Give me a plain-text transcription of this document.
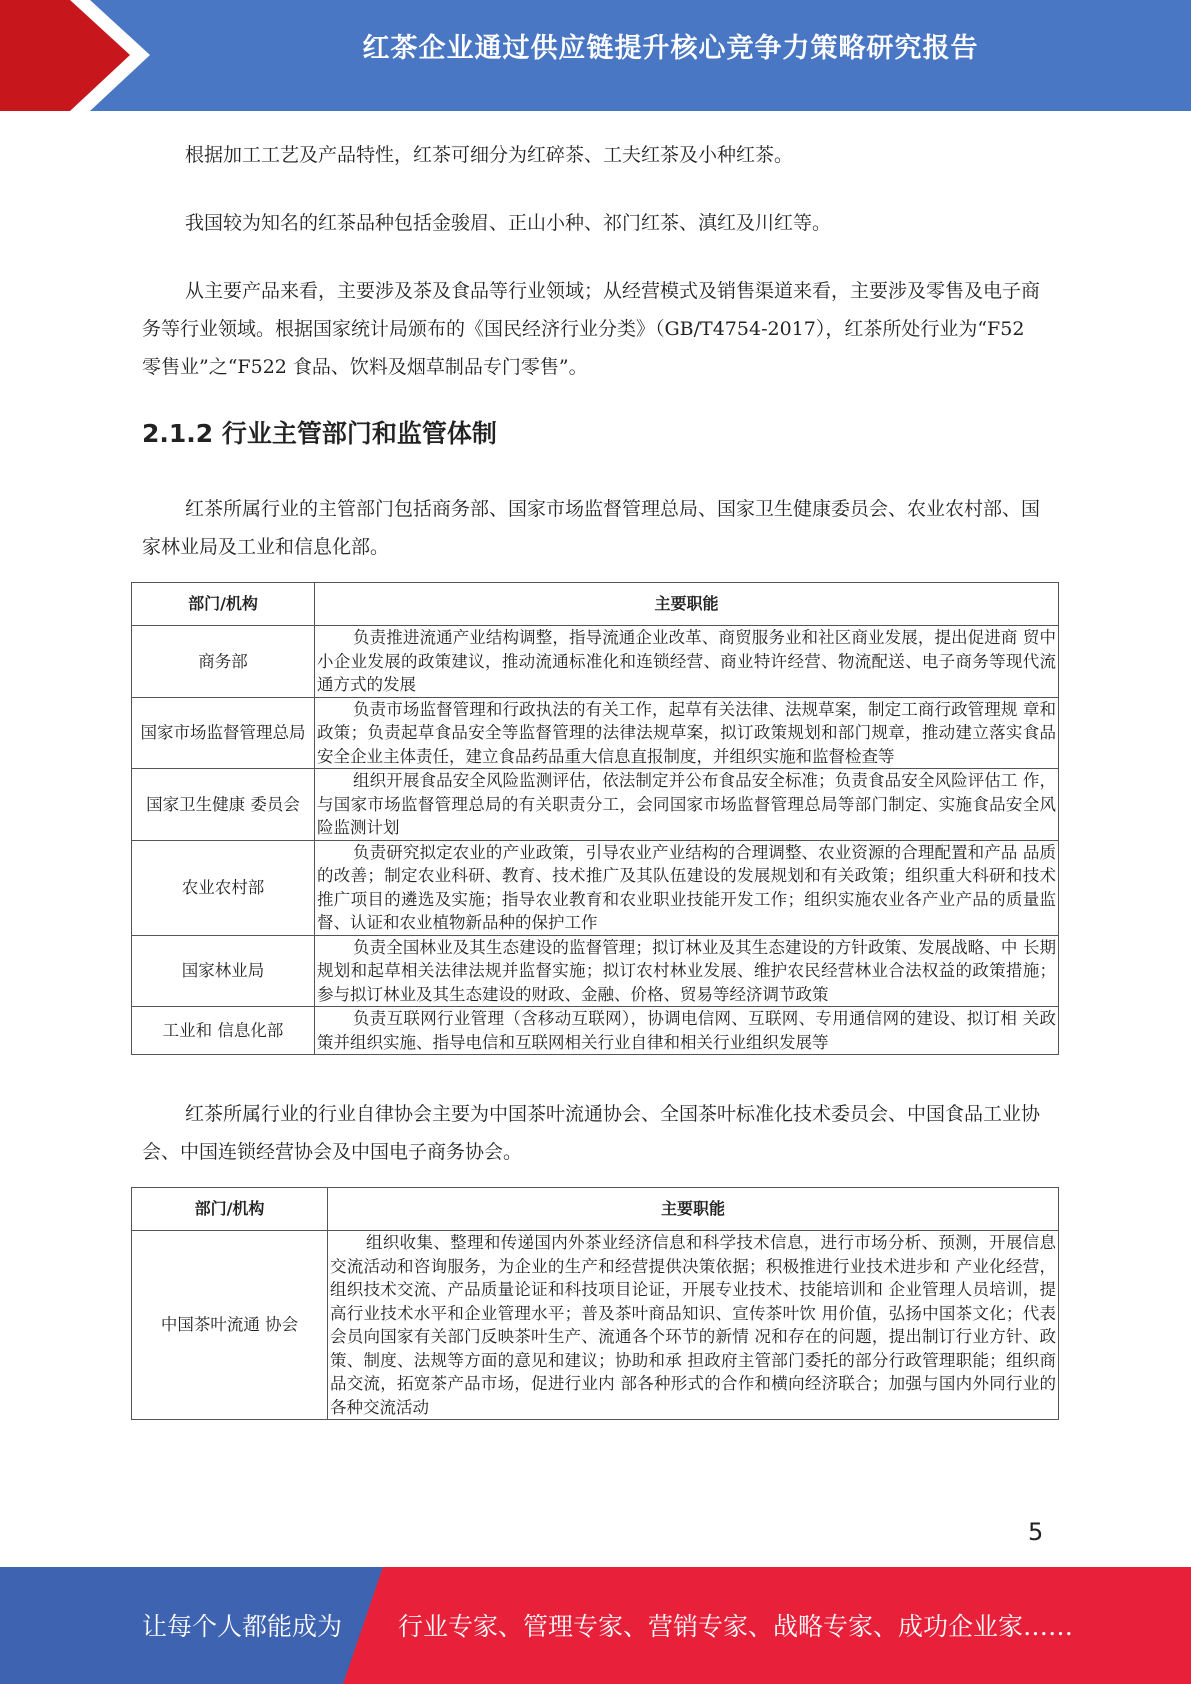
红茶企业通过供应链提升核心竞争力策略研究报告

根据加工工艺及产品特性，红茶可细分为红碎茶、工夫红茶及小种红茶。

我国较为知名的红茶品种包括金骏眉、正山小种、祁门红茶、滇红及川红等。

从主要产品来看，主要涉及茶及食品等行业领域；从经营模式及销售渠道来看，主要涉及零售及电子商务等行业领域。根据国家统计局颁布的《国民经济行业分类》（GB/T4754-2017），红茶所处行业为“F52 零售业”之“F522 食品、饮料及烟草制品专门零售”。

2.1.2 行业主管部门和监管体制

红茶所属行业的主管部门包括商务部、国家市场监督管理总局、国家卫生健康委员会、农业农村部、国家林业局及工业和信息化部。

部门/机构	主要职能
商务部	负责推进流通产业结构调整，指导流通企业改革、商贸服务业和社区商业发展，提出促进商 贸中小企业发展的政策建议，推动流通标准化和连锁经营、商业特许经营、物流配送、电子商务等现代流通方式的发展
国家市场监督管理总局	负责市场监督管理和行政执法的有关工作，起草有关法律、法规草案，制定工商行政管理规 章和政策；负责起草食品安全等监督管理的法律法规草案，拟订政策规划和部门规章，推动建立落实食品安全企业主体责任，建立食品药品重大信息直报制度，并组织实施和监督检查等
国家卫生健康 委员会	组织开展食品安全风险监测评估，依法制定并公布食品安全标准；负责食品安全风险评估工 作，与国家市场监督管理总局的有关职责分工，会同国家市场监督管理总局等部门制定、实施食品安全风险监测计划
农业农村部	负责研究拟定农业的产业政策，引导农业产业结构的合理调整、农业资源的合理配置和产品 品质的改善；制定农业科研、教育、技术推广及其队伍建设的发展规划和有关政策；组织重大科研和技术推广项目的遴选及实施；指导农业教育和农业职业技能开发工作；组织实施农业各产业产品的质量监督、认证和农业植物新品种的保护工作
国家林业局	负责全国林业及其生态建设的监督管理；拟订林业及其生态建设的方针政策、发展战略、中 长期规划和起草相关法律法规并监督实施；拟订农村林业发展、维护农民经营林业合法权益的政策措施；参与拟订林业及其生态建设的财政、金融、价格、贸易等经济调节政策
工业和 信息化部	负责互联网行业管理（含移动互联网），协调电信网、互联网、专用通信网的建设、拟订相 关政策并组织实施、指导电信和互联网相关行业自律和相关行业组织发展等

红茶所属行业的行业自律协会主要为中国茶叶流通协会、全国茶叶标准化技术委员会、中国食品工业协会、中国连锁经营协会及中国电子商务协会。

部门/机构	主要职能
中国茶叶流通 协会	组织收集、整理和传递国内外茶业经济信息和科学技术信息，进行市场分析、预测，开展信息交流活动和咨询服务，为企业的生产和经营提供决策依据；积极推进行业技术进步和 产业化经营，组织技术交流、产品质量论证和科技项目论证，开展专业技术、技能培训和 企业管理人员培训，提高行业技术水平和企业管理水平；普及茶叶商品知识、宣传茶叶饮 用价值，弘扬中国茶文化；代表会员向国家有关部门反映茶叶生产、流通各个环节的新情 况和存在的问题，提出制订行业方针、政策、制度、法规等方面的意见和建议；协助和承 担政府主管部门委托的部分行政管理职能；组织商品交流，拓宽茶产品市场，促进行业内 部各种形式的合作和横向经济联合；加强与国内外同行业的各种交流活动
5
让每个人都能成为 行业专家、管理专家、营销专家、战略专家、成功企业家……
